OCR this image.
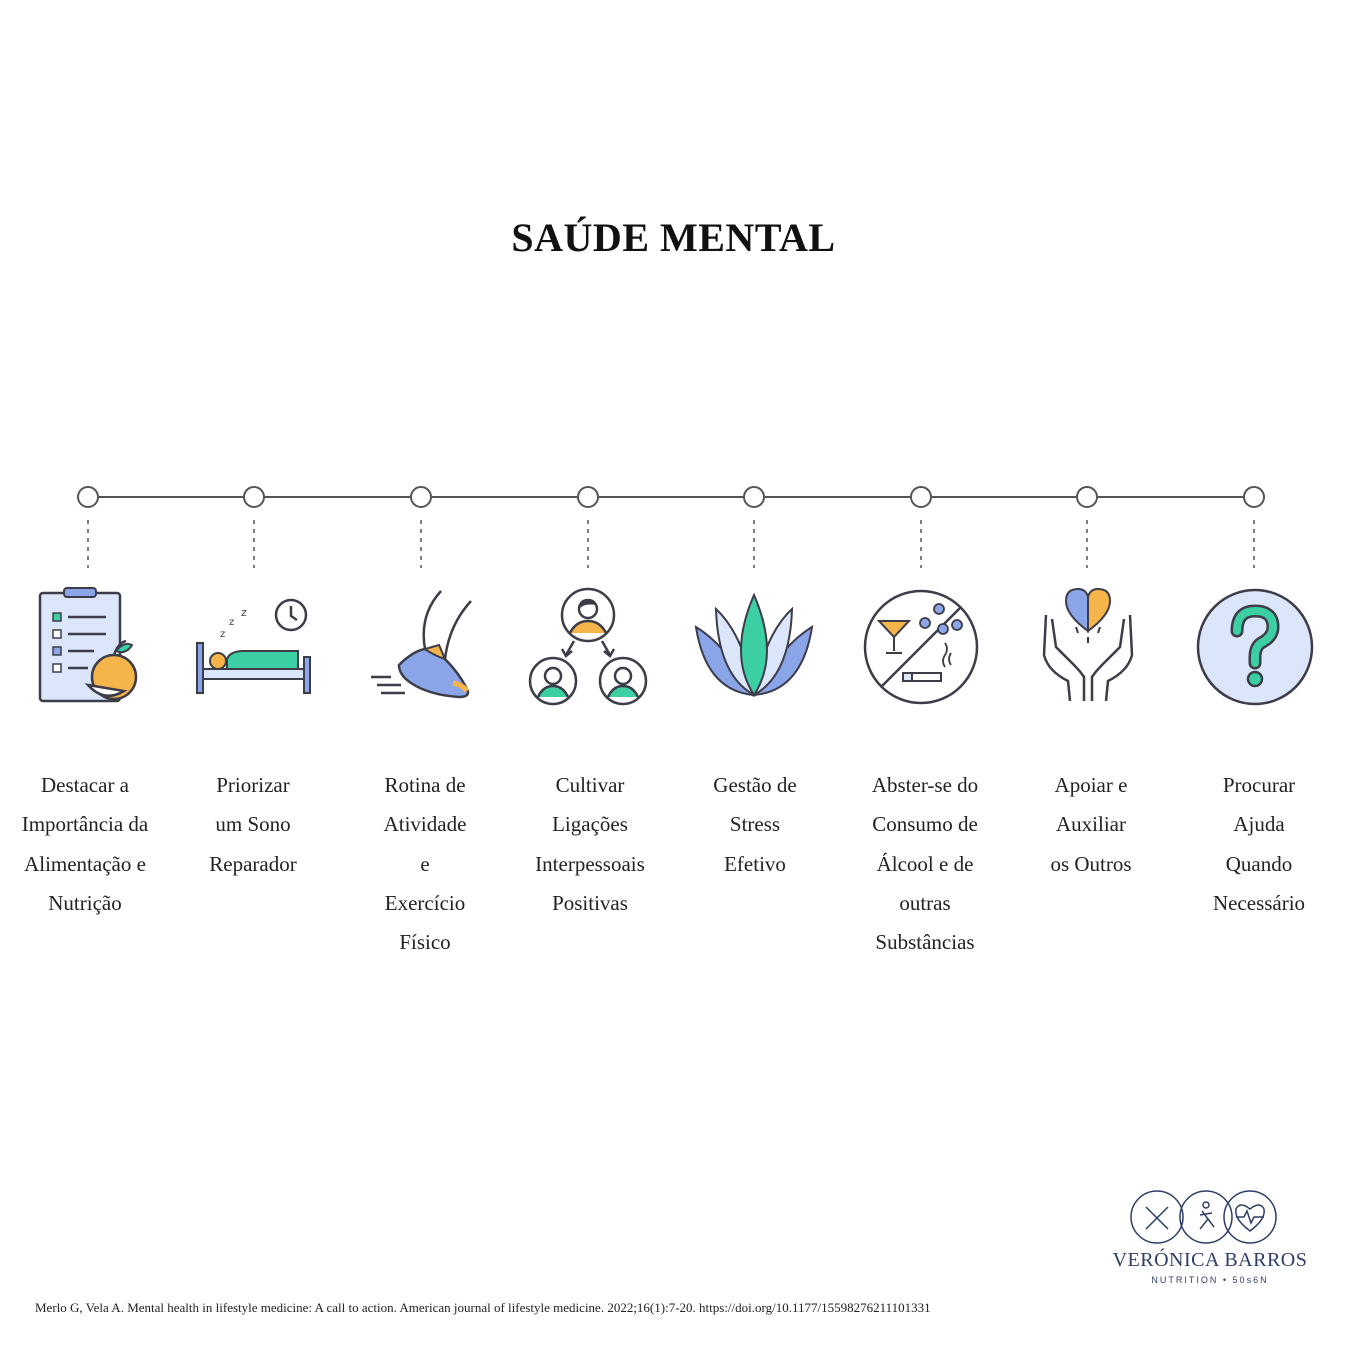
SAÚDE MENTAL
z
z
z
Destacar a
Importância da
Alimentação e
Nutrição
Priorizar
um Sono
Reparador
Rotina de
Atividade
e
Exercício
Físico
Cultivar
Ligações
Interpessoais
Positivas
Gestão de
Stress
Efetivo
Abster-se do
Consumo de
Álcool e de
outras
Substâncias
Apoiar e
Auxiliar
os Outros
Procurar
Ajuda
Quando
Necessário
VERÓNICA BARROS
NUTRITION • 50s6N
Merlo G, Vela A. Mental health in lifestyle medicine: A call to action. American journal of lifestyle medicine. 2022;16(1):7-20. https://doi.org/10.1177/15598276211101331
